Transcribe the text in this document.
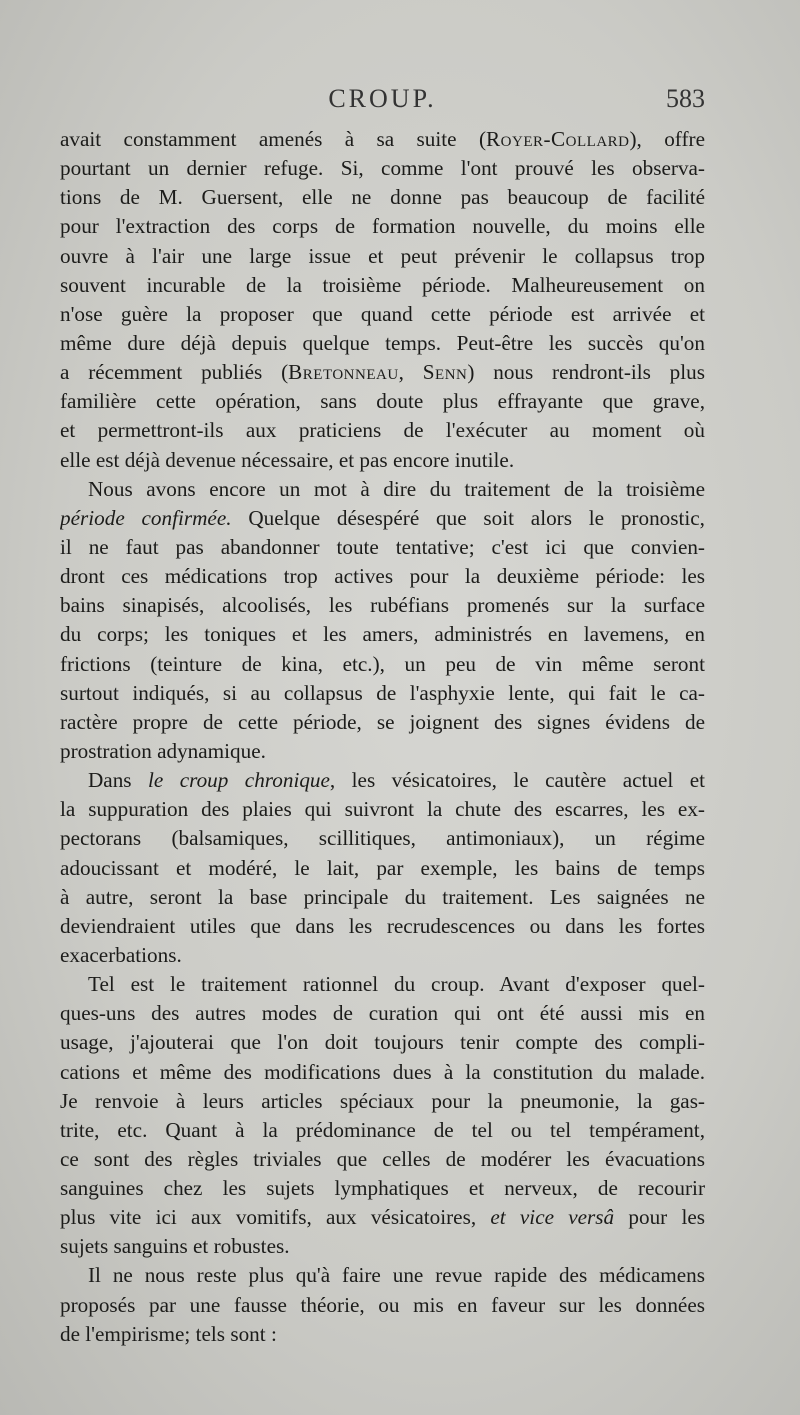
CROUP.	583
avait constamment amenés à sa suite (Royer-Collard), offre
pourtant un dernier refuge. Si, comme l'ont prouvé les observa-
tions de M. Guersent, elle ne donne pas beaucoup de facilité
pour l'extraction des corps de formation nouvelle, du moins elle
ouvre à l'air une large issue et peut prévenir le collapsus trop
souvent incurable de la troisième période. Malheureusement on
n'ose guère la proposer que quand cette période est arrivée et
même dure déjà depuis quelque temps. Peut-être les succès qu'on
a récemment publiés (Bretonneau, Senn) nous rendront-ils plus
familière cette opération, sans doute plus effrayante que grave,
et permettront-ils aux praticiens de l'exécuter au moment où
elle est déjà devenue nécessaire, et pas encore inutile.
Nous avons encore un mot à dire du traitement de la troisième
période confirmée. Quelque désespéré que soit alors le pronostic,
il ne faut pas abandonner toute tentative; c'est ici que convien-
dront ces médications trop actives pour la deuxième période: les
bains sinapisés, alcoolisés, les rubéfians promenés sur la surface
du corps; les toniques et les amers, administrés en lavemens, en
frictions (teinture de kina, etc.), un peu de vin même seront
surtout indiqués, si au collapsus de l'asphyxie lente, qui fait le ca-
ractère propre de cette période, se joignent des signes évidens de
prostration adynamique.
Dans le croup chronique, les vésicatoires, le cautère actuel et
la suppuration des plaies qui suivront la chute des escarres, les ex-
pectorans (balsamiques, scillitiques, antimoniaux), un régime
adoucissant et modéré, le lait, par exemple, les bains de temps
à autre, seront la base principale du traitement. Les saignées ne
deviendraient utiles que dans les recrudescences ou dans les fortes
exacerbations.
Tel est le traitement rationnel du croup. Avant d'exposer quel-
ques-uns des autres modes de curation qui ont été aussi mis en
usage, j'ajouterai que l'on doit toujours tenir compte des compli-
cations et même des modifications dues à la constitution du malade.
Je renvoie à leurs articles spéciaux pour la pneumonie, la gas-
trite, etc. Quant à la prédominance de tel ou tel tempérament,
ce sont des règles triviales que celles de modérer les évacuations
sanguines chez les sujets lymphatiques et nerveux, de recourir
plus vite ici aux vomitifs, aux vésicatoires, et vice versâ pour les
sujets sanguins et robustes.
Il ne nous reste plus qu'à faire une revue rapide des médicamens
proposés par une fausse théorie, ou mis en faveur sur les données
de l'empirisme; tels sont :
